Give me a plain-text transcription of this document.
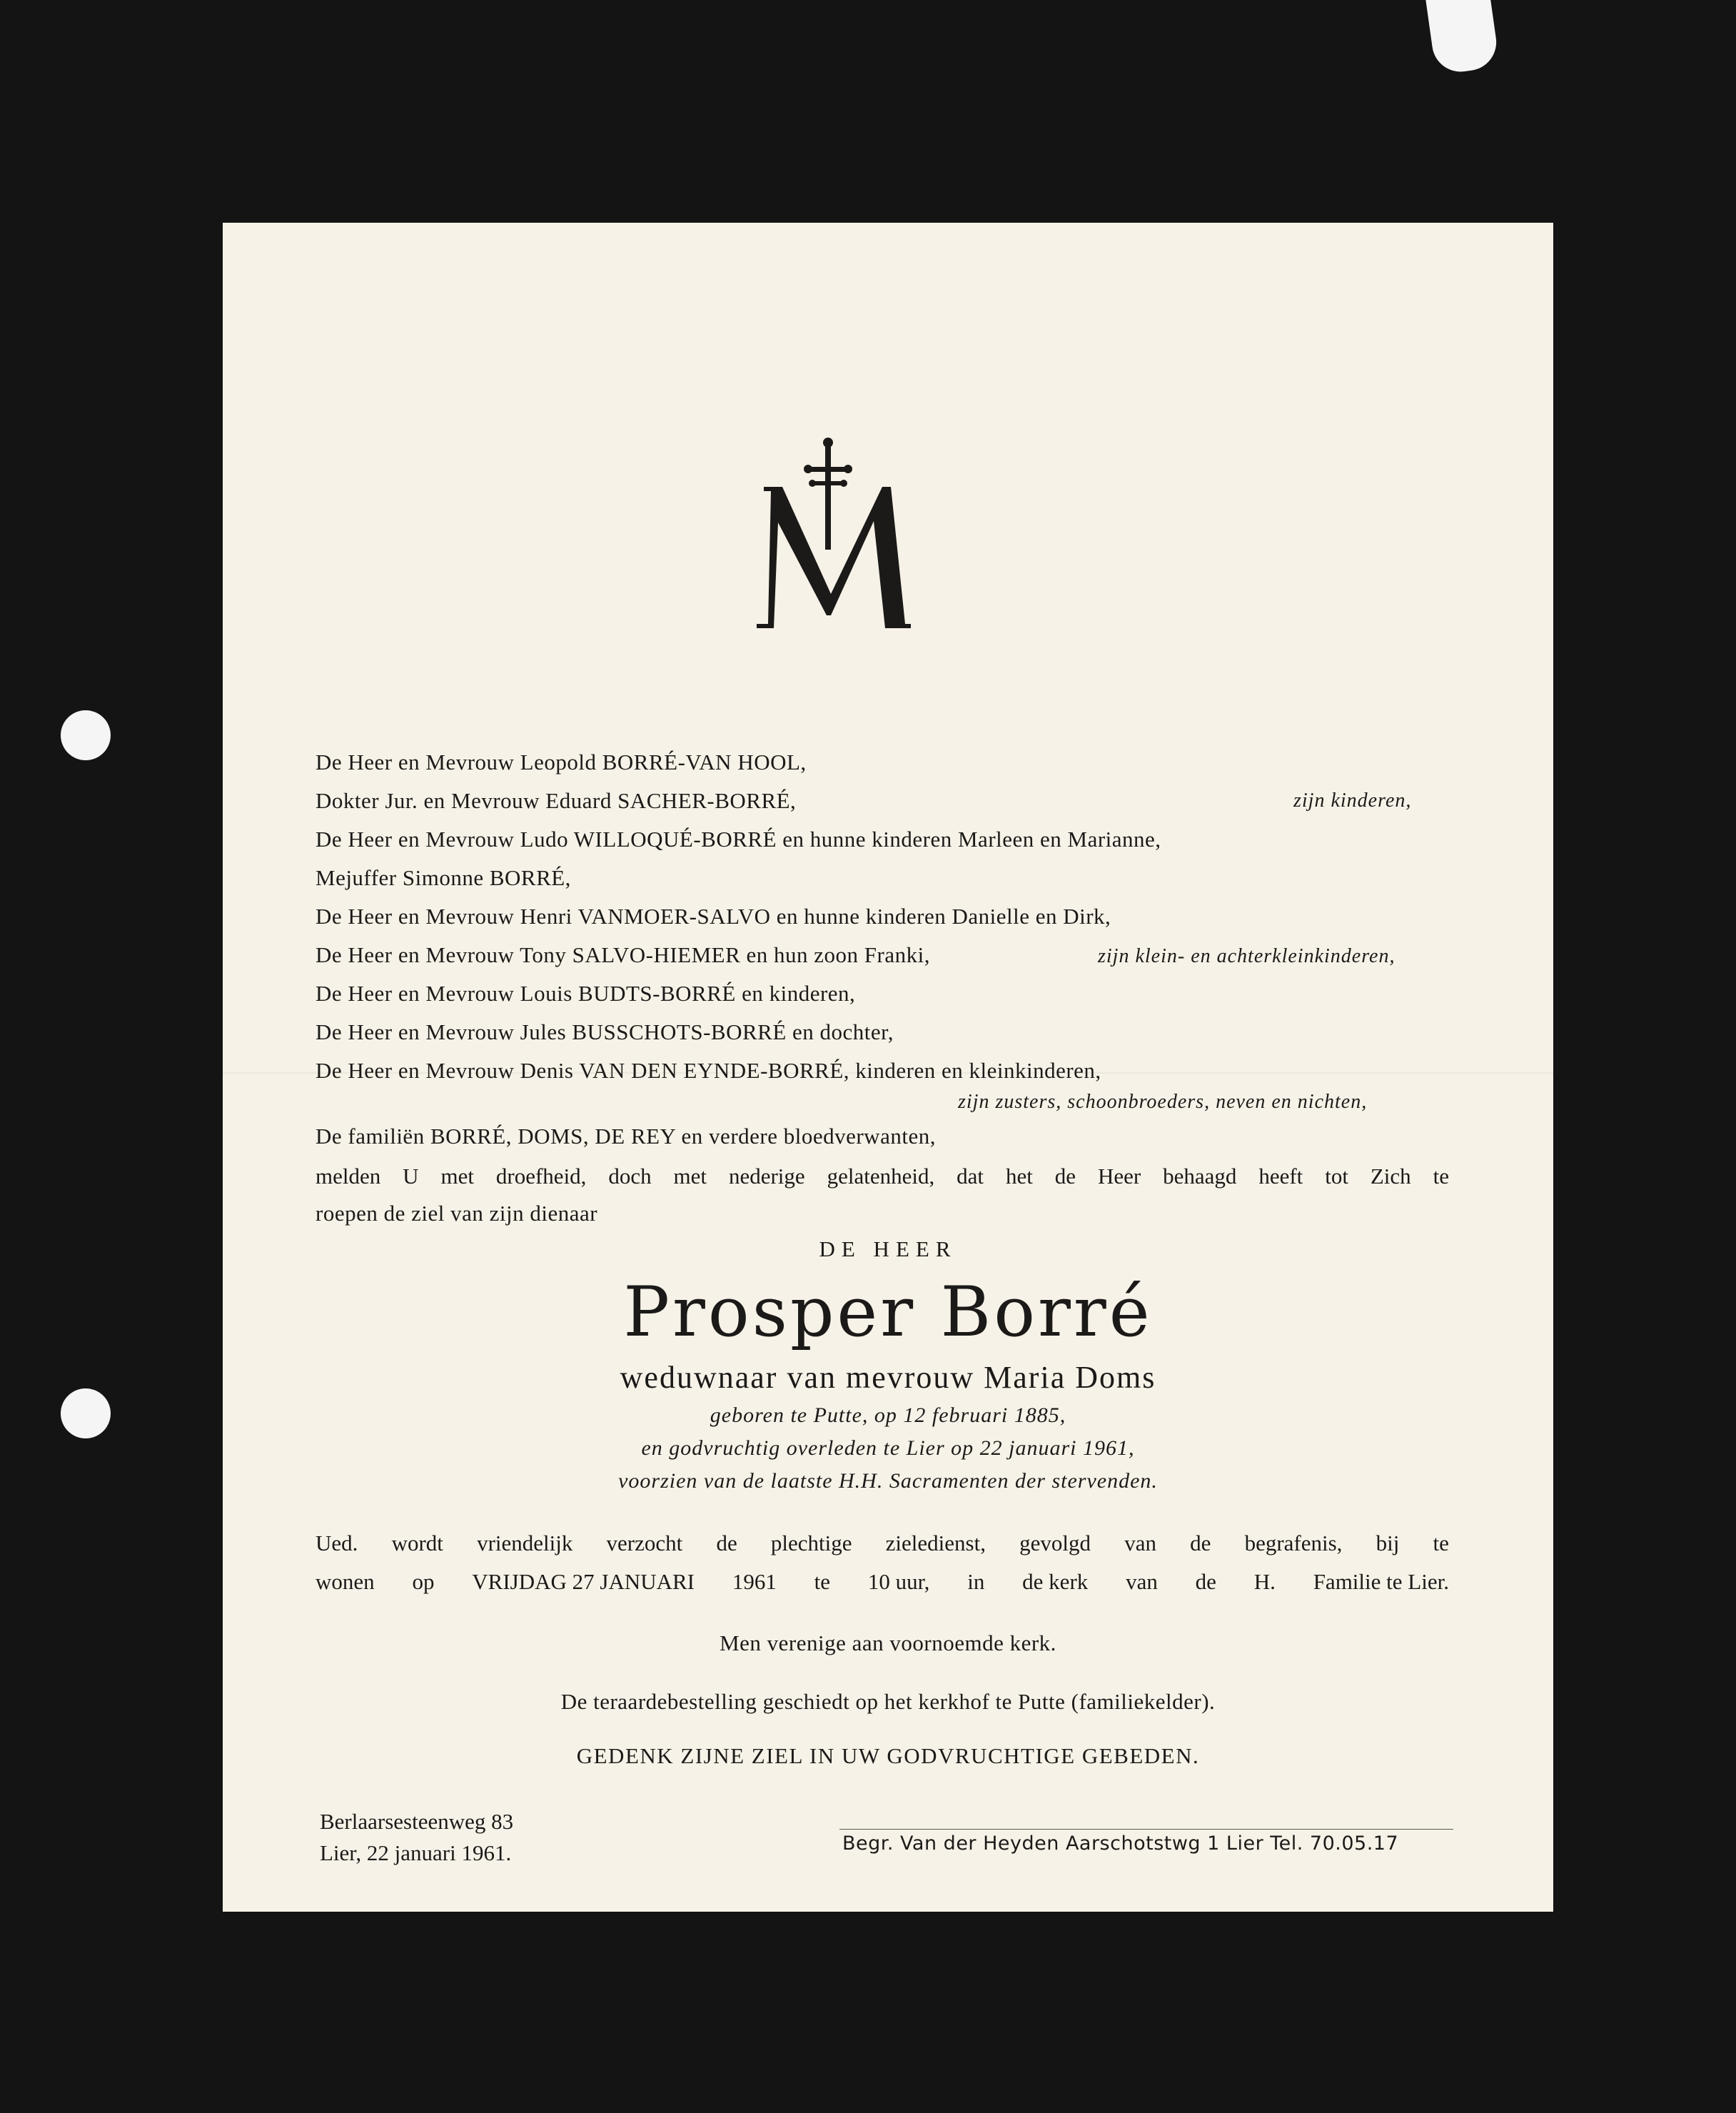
De Heer en Mevrouw Leopold BORRÉ-VAN HOOL,
Dokter Jur. en Mevrouw Eduard SACHER-BORRÉ,	zijn kinderen,
De Heer en Mevrouw Ludo WILLOQUÉ-BORRÉ en hunne kinderen Marleen en Marianne,
Mejuffer Simonne BORRÉ,
De Heer en Mevrouw Henri VANMOER-SALVO en hunne kinderen Danielle en Dirk,
De Heer en Mevrouw Tony SALVO-HIEMER en hun zoon Franki,	zijn klein- en achterkleinkinderen,
De Heer en Mevrouw Louis BUDTS-BORRÉ en kinderen,
De Heer en Mevrouw Jules BUSSCHOTS-BORRÉ en dochter,
De Heer en Mevrouw Denis VAN DEN EYNDE-BORRÉ, kinderen en kleinkinderen,
zijn zusters, schoonbroeders, neven en nichten,
De familiën BORRÉ, DOMS, DE REY en verdere bloedverwanten,
melden U met droefheid, doch met nederige gelatenheid, dat het de Heer behaagd heeft tot Zich te
roepen de ziel van zijn dienaar
DE HEER
Prosper Borré
weduwnaar van mevrouw Maria Doms
geboren te Putte, op 12 februari 1885,
en godvruchtig overleden te Lier op 22 januari 1961,
voorzien van de laatste H.H. Sacramenten der stervenden.
Ued. wordt vriendelijk verzocht de plechtige zieledienst, gevolgd van de begrafenis, bij te
wonen op VRIJDAG 27 JANUARI 1961 te 10 uur, in de kerk van de H. Familie te Lier.
Men verenige aan voornoemde kerk.
De teraardebestelling geschiedt op het kerkhof te Putte (familiekelder).
GEDENK ZIJNE ZIEL IN UW GODVRUCHTIGE GEBEDEN.
Berlaarsesteenweg 83
Lier, 22 januari 1961.	Begr. Van der Heyden Aarschotstwg 1 Lier Tel. 70.05.17
